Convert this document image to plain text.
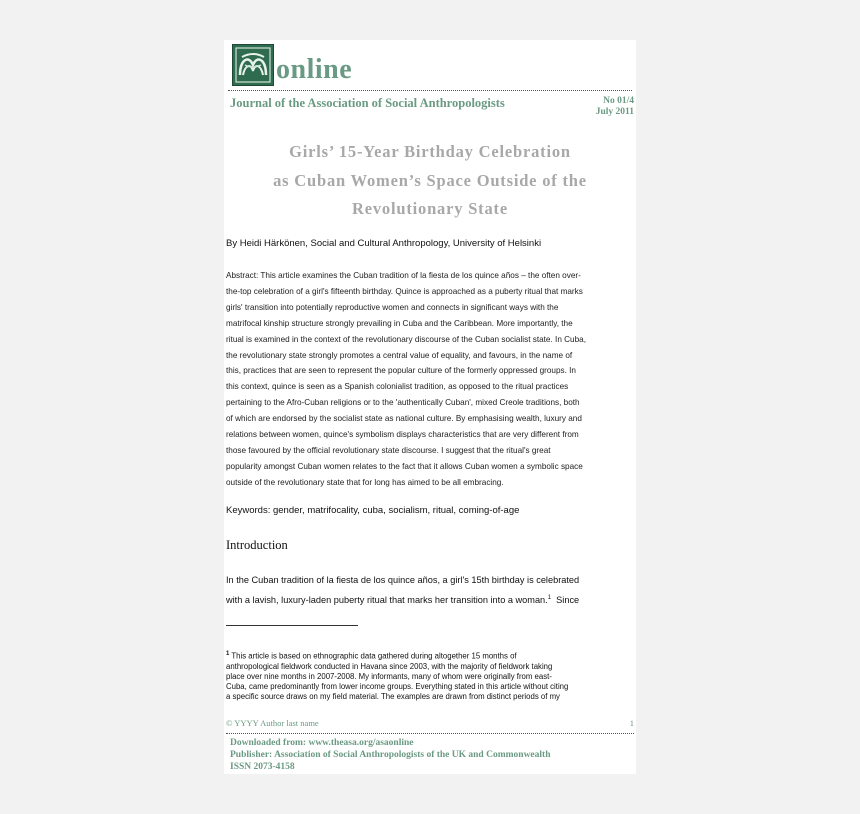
online
Journal of the Association of Social Anthropologists	No 01/4
July 2011
Girls’ 15-Year Birthday Celebration
as Cuban Women’s Space Outside of the
Revolutionary State
By Heidi Härkönen, Social and Cultural Anthropology, University of Helsinki
Abstract: This article examines the Cuban tradition of la fiesta de los quince años – the often over-
the-top celebration of a girl's fifteenth birthday. Quince is approached as a puberty ritual that marks
girls' transition into potentially reproductive women and connects in significant ways with the
matrifocal kinship structure strongly prevailing in Cuba and the Caribbean. More importantly, the
ritual is examined in the context of the revolutionary discourse of the Cuban socialist state. In Cuba,
the revolutionary state strongly promotes a central value of equality, and favours, in the name of
this, practices that are seen to represent the popular culture of the formerly oppressed groups. In
this context, quince is seen as a Spanish colonialist tradition, as opposed to the ritual practices
pertaining to the Afro-Cuban religions or to the 'authentically Cuban', mixed Creole traditions, both
of which are endorsed by the socialist state as national culture. By emphasising wealth, luxury and
relations between women, quince's symbolism displays characteristics that are very different from
those favoured by the official revolutionary state discourse. I suggest that the ritual's great
popularity amongst Cuban women relates to the fact that it allows Cuban women a symbolic space
outside of the revolutionary state that for long has aimed to be all embracing.
Keywords: gender, matrifocality, cuba, socialism, ritual, coming-of-age
Introduction
In the Cuban tradition of la fiesta de los quince años, a girl's 15th birthday is celebrated
with a lavish, luxury-laden puberty ritual that marks her transition into a woman.$^1$  Since
$^1$ This article is based on ethnographic data gathered during altogether 15 months of
anthropological fieldwork conducted in Havana since 2003, with the majority of fieldwork taking
place over nine months in 2007-2008. My informants, many of whom were originally from east-
Cuba, came predominantly from lower income groups. Everything stated in this article without citing
a specific source draws on my field material. The examples are drawn from distinct periods of my
© YYYY Author last name	1
Downloaded from: www.theasa.org/asaonline
Publisher: Association of Social Anthropologists of the UK and Commonwealth
ISSN 2073-4158
